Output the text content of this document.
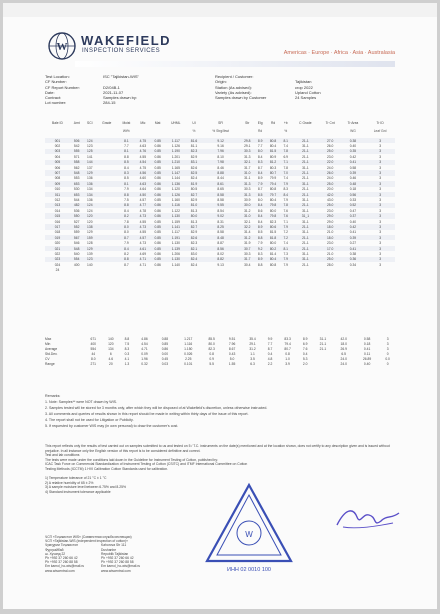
W WAKEFIELD
INSPECTION SERVICES	Americas · Europe · Africa · Asia · Australasia
Test Location:	ISC "Tajikistan-WIS"
CF Number:
CF Report Number:	D2/04B-1
Date:	2021-11-07
Contract:	Samples drawn by:
Lot number:	284-15
Recipient / Customer:
Origin:	Tajikistan
Station (As advised):	crop 2022
Variety (As advised):	Upland Cotton
Samples drawn by Customer	24 Samples
Bale ID	Amt	SCI	Grade	Moist	Mic	Mat	UHML	UI	SFI	Str	Elg	Rd	+b	C Grade	Tr Cnt	Tr Area	Tr ID
				Wt%				%	% Strg/lbwt		Rd		%			WG	Leaf Grd
001	506	124		8.1	4.75	0.85	1.117	81.6	9.12	29.8	8.9	80.8	8.1	21-1	27.0	0.38	3
002	542	123		7.7	4.63	0.86	1.126	81.1	9.16	29.1	7.7	80.4	7.4	31-1	26.0	0.40	3
003	555	125		8.1	4.76	0.85	1.190	82.3	7.96	30.3	8.0	81.5	7.8	21-1	25.0	0.35	3
004	571	141		8.8	4.55	0.86	1.201	82.9	8.10	31.3	8.4	80.9	6.9	21-1	23.0	0.42	3
005	558	144		8.5	4.54	0.85	1.210	83.1	7.98	32.1	8.3	81.2	7.1	21-1	22.0	0.41	3
006	562	137		8.4	4.75	0.85	1.165	82.6	8.46	31.7	8.7	80.3	7.8	31-1	24.0	0.58	3
007	548	129		8.3	4.56	0.85	1.147	82.5	8.88	31.0	8.4	80.7	7.0	21-1	26.0	0.39	3
008	553	136		8.5	4.60	0.86	1.144	82.4	8.44	31.1	8.9	79.9	7.4	21-1	24.0	0.46	3
009	653	136		8.1	4.63	0.86	1.136	81.9	8.61	31.3	7.9	79.4	7.9	31-1	25.0	0.48	3
010	530	134		7.9	4.64	0.86	1.120	80.5	8.65	30.3	8.7	80.8	8.3	21-1	20.0	0.18	3
011	653	134		8.8	4.50	0.86	1.126	82.7	8.58	31.3	8.5	79.7	8.4	21-1	42.0	0.56	3
012	544	136		7.5	4.57	0.85	1.160	82.9	8.58	30.9	8.0	80.4	7.9	31-1	43.0	0.33	3
013	482	124		8.8	4.77	0.86	1.116	81.0	9.55	30.0	8.4	79.8	7.8	21-1	25.0	0.52	3
014	536	124		8.4	4.78	0.86	1.122	81.3	8.54	31.2	8.6	80.0	7.6	31-1	23.0	0.47	3
015	550	120		8.2	4.73	0.86	1.130	80.0	9.02	31.0	8.4	79.8	7.6	31_1	29.0	0.37	3
016	527	120		7.8	4.55	0.85	1.159	81.3	8.31	32.1	8.4	82.3	7.1	31-1	29.0	0.40	3
017	552	138		8.0	4.73	0.85	1.141	82.7	8.25	32.2	8.9	80.6	7.9	21-1	18.0	0.42	3
018	559	129		8.0	4.55	0.85	1.117	82.9	8.58	31.4	8.5	81.5	7.2	31-1	21.0	0.41	3
019	567	159		8.7	4.57	0.85	1.191	82.6	8.48	31.2	8.8	81.8	7.2	21-1	18.0	0.39	3
020	546	128		7.9	4.73	0.86	1.130	82.3	8.87	31.9	7.9	80.0	7.4	21-1	23.0	0.27	3
021	548	129		8.4	4.61	0.85	1.139	82.1	8.56	30.7	9.2	80.2	8.1	21-1	17.0	0.41	3
022	540	139		8.2	4.69	0.86	1.206	83.0	8.02	30.3	8.3	81.4	7.3	31-1	21.0	0.38	3
023	554	123		8.8	4.71	0.85	1.130	82.4	8.82	31.7	8.9	80.4	7.9	31-1	25.0	0.36	3
024	400	140		8.7	4.71	0.86	1.140	82.4	9.13	30.4	8.8	80.8	7.9	21-1	28.0	0.34	3
24																	
Max	671	140		8.8	4.86	0.88	1.217	85.5	9.51	35.4	9.9	83.3	8.9	31-1	42.0	0.58	3
Min	400	120		7.5	4.54	0.85	1.116	80.0	7.96	29.1	7.7	79.4	6.9	21-1	18.0	0.18	3
Average	554	134		8.3	4.71	0.86	1.150	82.3	8.67	31.2	8.7	80.7	7.6	21-1	26.9	0.41	3
Std.Dev.	44	6		0.3	0.09	0.00	0.026	0.8	0.43	1.1	0.4	0.8	0.4		6.5	0.11	0
CV	8.0	4.6		4.1	1.96	0.45	2.25	0.9	5.0	3.5	4.8	1.0	5.3		24.0	26.89	0.0
Range	271	20		1.3	0.32	0.03	0.101	5.5	1.55	6.3	2.2	3.9	2.0		24.0	0.40	0
Remarks:
1. Note: Samples** were NOT drawn by WIS.
2. Samples tested will be stored for 3 months only, after which they will be disposed of at Wakefield's discretion, unless otherwise instructed.
3. All comments and queries of results shown in this report should be made in writing within thirty days of the issue of this report.
4. The report shall not be used for Litigation or Publicity.
5. If requested by customer WIS may (in own personal) to draw the customer's cost.
This report reflects only the results of test carried out on samples submitted to us and tested on 5 / T.C. instruments on the date(s) mentioned and at the location shown, does not certify to any description given and is issued without prejudice. In all instance only the English version of this report is to be considered definitive and correct.
Test and lab conditions
The tests were made under the conditions laid down in the Guideline for Instrument Testing of Cotton, published by:
ICAC Task Force on Commercial Standardization of Instrument Testing of Cotton (CSITC) and ITMF International Committee on Cotton
Testing Methods (ICCTM) 1 HVI Calibration Cotton Standards used for calibration.
1) Temperature tolerance of 21 °C ± 1 °C
2) A relative humidity of 65 ± 2%
3) A sample moisture level between 6.75% and 8.25%
4) Standard instrument tolerance applicable
W
ИНН 02 0010 100
ЧСП «Тоҷикистон WIS» (Совместная служба инспекции)
ЧСП «Tajikistan-WIS (independent inspection of cotton)»
Чумҳурии Тоҷикистон
Фурҳсайбай
ш. Хучанд 22
Ph +992 37 260 66 42
Ph +992 37 260 88 58
Em kamol_ho-wis@mail.ru
www.wiscentral.com
Kahorova Str 111
Dushanbe
Republik Tajikistan
Ph +992 37 260 66 42
Ph +992 37 260 88 58
Em kamol_ho-wis@mail.ru
www.wiscentral.com
